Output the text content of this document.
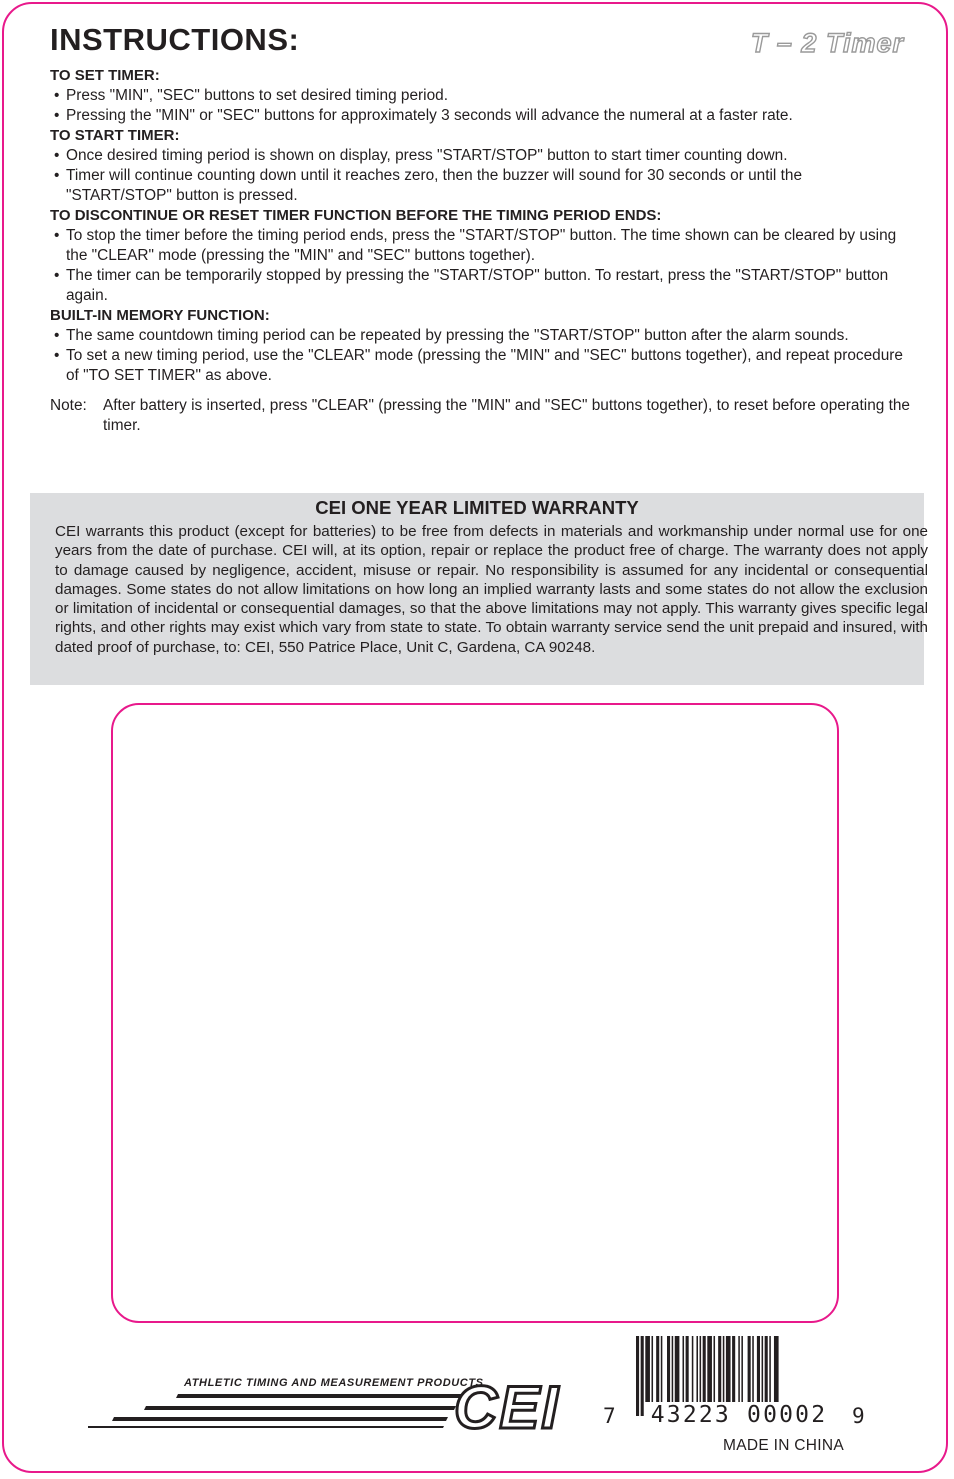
INSTRUCTIONS:	T – 2 Timer
TO SET TIMER:
• Press "MIN", "SEC" buttons to set desired timing period.
• Pressing the "MIN" or "SEC" buttons for approximately 3 seconds will advance the numeral at a faster rate.
TO START TIMER:
• Once desired timing period is shown on display, press "START/STOP" button to start timer counting down.
• Timer will continue counting down until it reaches zero, then the buzzer will sound for 30 seconds or until the "START/STOP" button is pressed.
TO DISCONTINUE OR RESET TIMER FUNCTION BEFORE THE TIMING PERIOD ENDS:
• To stop the timer before the timing period ends, press the "START/STOP" button. The time shown can be cleared by using the "CLEAR" mode (pressing the "MIN" and "SEC" buttons together).
• The timer can be temporarily stopped by pressing the "START/STOP" button. To restart, press the "START/STOP" button again.
BUILT-IN MEMORY FUNCTION:
• The same countdown timing period can be repeated by pressing the "START/STOP" button after the alarm sounds.
• To set a new timing period, use the "CLEAR" mode (pressing the "MIN" and "SEC" buttons together), and repeat procedure of "TO SET TIMER" as above.
Note: After battery is inserted, press "CLEAR" (pressing the "MIN" and "SEC" buttons together), to reset before operating the timer.
CEI ONE YEAR LIMITED WARRANTY
CEI warrants this product (except for batteries) to be free from defects in materials and workmanship under normal use for one years from the date of purchase. CEI will, at its option, repair or replace the product free of charge. The warranty does not apply to damage caused by negligence, accident, misuse or repair. No responsibility is assumed for any incidental or consequential damages. Some states do not allow limitations on how long an implied warranty lasts and some states do not allow the exclusion or limitation of incidental or consequential damages, so that the above limitations may not apply. This warranty gives specific legal rights, and other rights may exist which vary from state to state. To obtain warranty service send the unit prepaid and insured, with dated proof of purchase, to: CEI, 550 Patrice Place, Unit C, Gardena, CA 90248.
CEI
ATHLETIC TIMING AND MEASUREMENT PRODUCTS
7 43223 00002 9
MADE IN CHINA
